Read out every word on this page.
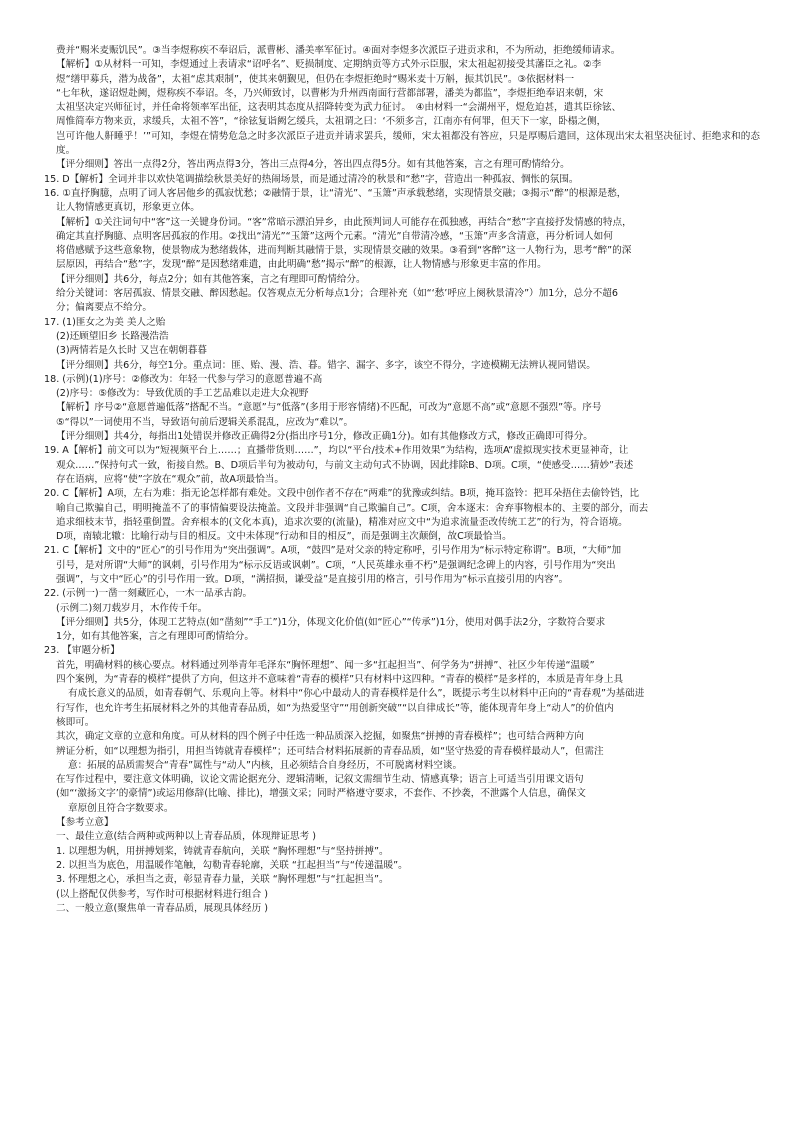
费并“赐米麦赈饥民”。③当李煜称疾不奉诏后，派曹彬、潘美率军征讨。④面对李煜多次派臣子进贡求和，不为所动，拒绝缓师请求。

【解析】①从材料一可知，李煜通过上表请求“诏呼名”、贬损制度、定期纳贡等方式外示臣服，宋太祖起初接受其藩臣之礼。②李

煜“缮甲募兵，潜为战备”，太祖“虑其艰制”，使其来朝觐见，但仍在李煜拒绝时“赐米麦十万斛，振其饥民”。③依据材料一

“七年秋，遂诏煜赴阙，煜称疾不奉诏。冬，乃兴师致讨，以曹彬为升州西南面行营都部署，潘美为都监”，李煜拒绝奉诏来朝，宋

太祖坚决定兴师征讨，并任命将领率军出征，这表明其态度从招降转变为武力征讨。　④由材料一“会湖州平，煜危迫甚，遣其臣徐铉、

周惟简奉方物来贡，求缓兵，太祖不答”，“徐铉复诣阙乞缓兵，太祖谓之曰：‘不须多言，江南亦有何罪，但天下一家，卧榻之侧，

岂可许他人鼾睡乎！’”可知，李煜在情势危急之时多次派臣子进贡并请求罢兵，缓师，宋太祖都没有答应，只是厚赐后遣回，这体现出宋太祖坚决征讨、拒绝求和的态度。

【评分细则】答出一点得2分，答出两点得3分，答出三点得4分，答出四点得5分。如有其他答案，言之有理可酌情给分。

15. D【解析】全词并非以欢快笔调描绘秋景美好的热闹场景，而是通过清冷的秋景和“愁”字，营造出一种孤寂、惆怅的氛围。

16. ①直抒胸臆，点明了词人客居他乡的孤寂忧愁；②融情于景，让“清光”、“玉箫”声承载愁绪，实现情景交融；③揭示“醉”的根源是愁，

让人物情感更真切，形象更立体。

【解析】①关注词句中“客”这一关键身份词。“客”常暗示漂泊异乡，由此预判词人可能存在孤独感，再结合“愁”字直接抒发情感的特点，

确定其直抒胸臆、点明客居孤寂的作用。②找出“清光”“玉箫”这两个元素。“清光”自带清冷感，“玉箫”声多含清意，再分析词人如何

将借感赋予这些意象物，使景物成为愁绪载体，进而判断其融情于景，实现情景交融的效果。③看到“客醉”这一人物行为，思考“醉”的深

层原因，再结合“愁”字，发现“醉”是因愁绪难遣，由此明确“愁”揭示“醉”的根源，让人物情感与形象更丰富的作用。

【评分细则】共6分，每点2分；如有其他答案，言之有理即可酌情给分。

给分关键词：客居孤寂、情景交融、醉因愁起。仅答观点无分析每点1分；合理补充（如“‘愁’呼应上阕秋景清冷”）加1分，总分不超6

分；偏离要点不给分。

17. (1)匪女之为美 美人之贻

(2)还顾望旧乡 长路漫浩浩

(3)两情若是久长时 又岂在朝朝暮暮

【评分细则】共6分，每空1分。重点词：匪、贻、漫、浩、暮。错字、漏字、多字，该空不得分，字迹模糊无法辨认视同错误。

18. (示例)(1)序号：②修改为：年轻一代参与学习的意愿普遍不高

(2)序号：⑤修改为：导致优质的手工艺品难以走进大众视野

【解析】序号②“意愿普遍低落”搭配不当。“意愿”与“低落”(多用于形容情绪)不匹配，可改为“意愿不高”或“意愿不强烈”等。序号

⑤“得以”一词使用不当，导致语句前后逻辑关系混乱，应改为“难以”。

【评分细则】共4分，每指出1处错误并修改正确得2分(指出序号1分，修改正确1分)。如有其他修改方式，修改正确即可得分。

19. A【解析】前文可以为“短视频平台上……；直播带货则……”，均以“平台/技术+作用效果”为结构，选项A“虚拟现实技术更显神奇，让

观众……”保持句式一致，衔接自然。B、D项后半句为被动句，与前文主动句式不协调，因此排除B、D项。C项，“使感受……猜妙”表述

存在语病，应将“使”字放在“观众”前，故A项最恰当。

20. C【解析】A项，左右为难：指无论怎样都有难处。文段中创作者不存在“两难”的犹豫或纠结。B项，掩耳盗铃：把耳朵捂住去偷铃铛，比

喻自己欺骗自己，明明掩盖不了的事情偏要设法掩盖。文段并非强调“自己欺骗自己”。C项，舍本逐末：舍弃事物根本的、主要的部分，而去

追求细枝末节，指轻重倒置。舍弃根本的(文化本真)，追求次要的(流量)，精准对应文中“为追求流量歪改传统工艺”的行为，符合语境。

D项，南辕北辙：比喻行动与目的相反。文中未体现“行动和目的相反”，而是强调主次颠倒，故C项最恰当。

21. C【解析】文中的“匠心”的引号作用为“突出强调”。A项，“鼓四”是对父亲的特定称呼，引号作用为“标示特定称谓”。B项，“大师”加

引号，是对所谓“大师”的讽刺，引号作用为“标示反语或讽刺”。C项，“人民英雄永垂不朽”是强调纪念碑上的内容，引号作用为“突出

强调”，与文中“匠心”的引号作用一致。D项，“满招损，谦受益”是直接引用的格言，引号作用为“标示直接引用的内容”。

22. (示例一)一凿一刻藏匠心，一木一品承古韵。

(示例二)刻刀载岁月，木作传千年。

【评分细则】共5分，体现工艺特点(如“凿刻”“手工”)1分，体现文化价值(如“匠心”“传承”)1分，使用对偶手法2分，字数符合要求

1分，如有其他答案，言之有理即可酌情给分。

23. 【审题分析】

首先，明确材料的核心要点。材料通过列举青年毛泽东“胸怀理想”、闻一多“扛起担当”、何学务为“拼搏”、社区少年传递“温暖”

四个案例，为“青春的模样”提供了方向，但这并不意味着“青春的模样”只有材料中这四种。“青春的模样”是多样的，本质是青年身上具

有成长意义的品质，如青春朝气、乐观向上等。材料中“你心中最动人的青春模样是什么”，既提示考生以材料中正向的“青春观”为基础进

行写作，也允许考生拓展材料之外的其他青春品质，如“为热爱坚守”“用创新突破”“以自律成长”等，能体现青年身上“动人”的价值内

核即可。

其次，确定文章的立意和角度。可从材料的四个例子中任选一种品质深入挖掘，如聚焦“拼搏的青春模样”；也可结合两种方向

辨证分析，如“以理想为指引，用担当铸就青春模样”；还可结合材料拓展新的青春品质，如“坚守热爱的青春模样最动人”，但需注

意：拓展的品质需契合“青春”属性与“动人”内核，且必须结合自身经历，不可脱离材料空谈。

在写作过程中，要注意文体明确，议论文需论据充分、逻辑清晰，记叙文需细节生动、情感真挚；语言上可适当引用课文语句

(如“‘激扬文字’的豪情”)或运用修辞(比喻、排比)，增强文采；同时严格遵守要求，不套作、不抄袭，不泄露个人信息，确保文

章原创且符合字数要求。

【参考立意】

一、最佳立意(结合两种或两种以上青春品质，体现辩证思考 )

1. 以理想为帆，用拼搏划桨，铸就青春航向，关联 “胸怀理想”与“坚持拼搏”。

2. 以担当为底色，用温暖作笔触，勾勒青春轮廓，关联 “扛起担当”与“传递温暖”。

3. 怀理想之心，承担当之责，彰显青春力量，关联 “胸怀理想”与“扛起担当”。

(以上搭配仅供参考，写作时可根据材料进行组合 )

二、一般立意(聚焦单一青春品质，展现具体经历 )
